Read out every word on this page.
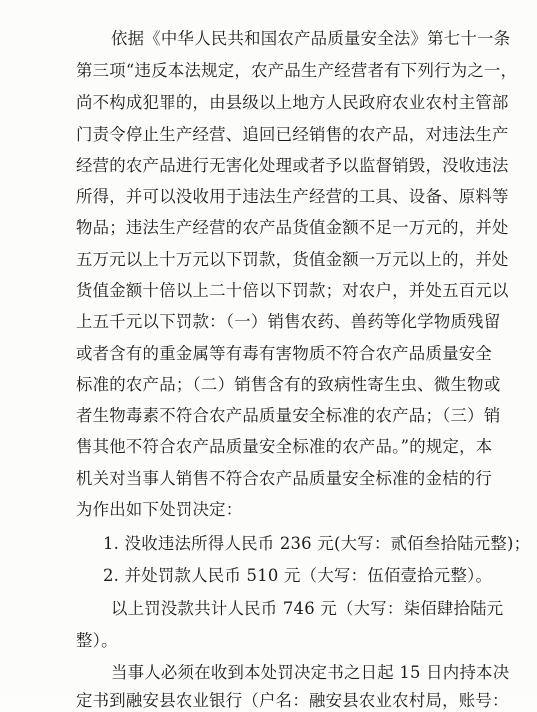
依据《中华人民共和国农产品质量安全法》第七十一条
第三项“违反本法规定，农产品生产经营者有下列行为之一，
尚不构成犯罪的，由县级以上地方人民政府农业农村主管部
门责令停止生产经营、追回已经销售的农产品，对违法生产
经营的农产品进行无害化处理或者予以监督销毁，没收违法
所得，并可以没收用于违法生产经营的工具、设备、原料等
物品；违法生产经营的农产品货值金额不足一万元的，并处
五万元以上十万元以下罚款，货值金额一万元以上的，并处
货值金额十倍以上二十倍以下罚款；对农户，并处五百元以
上五千元以下罚款：（一）销售农药、兽药等化学物质残留
或者含有的重金属等有毒有害物质不符合农产品质量安全
标准的农产品；（二）销售含有的致病性寄生虫、微生物或
者生物毒素不符合农产品质量安全标准的农产品；（三）销
售其他不符合农产品质量安全标准的农产品。”的规定，本
机关对当事人销售不符合农产品质量安全标准的金桔的行
为作出如下处罚决定：
1. 没收违法所得人民币 236 元(大写：贰佰叁拾陆元整)；
2. 并处罚款人民币 510 元（大写：伍佰壹拾元整）。
以上罚没款共计人民币 746 元（大写：柒佰肆拾陆元
整）。
当事人必须在收到本处罚决定书之日起 15 日内持本决
定书到融安县农业银行（户名：融安县农业农村局，账号：
